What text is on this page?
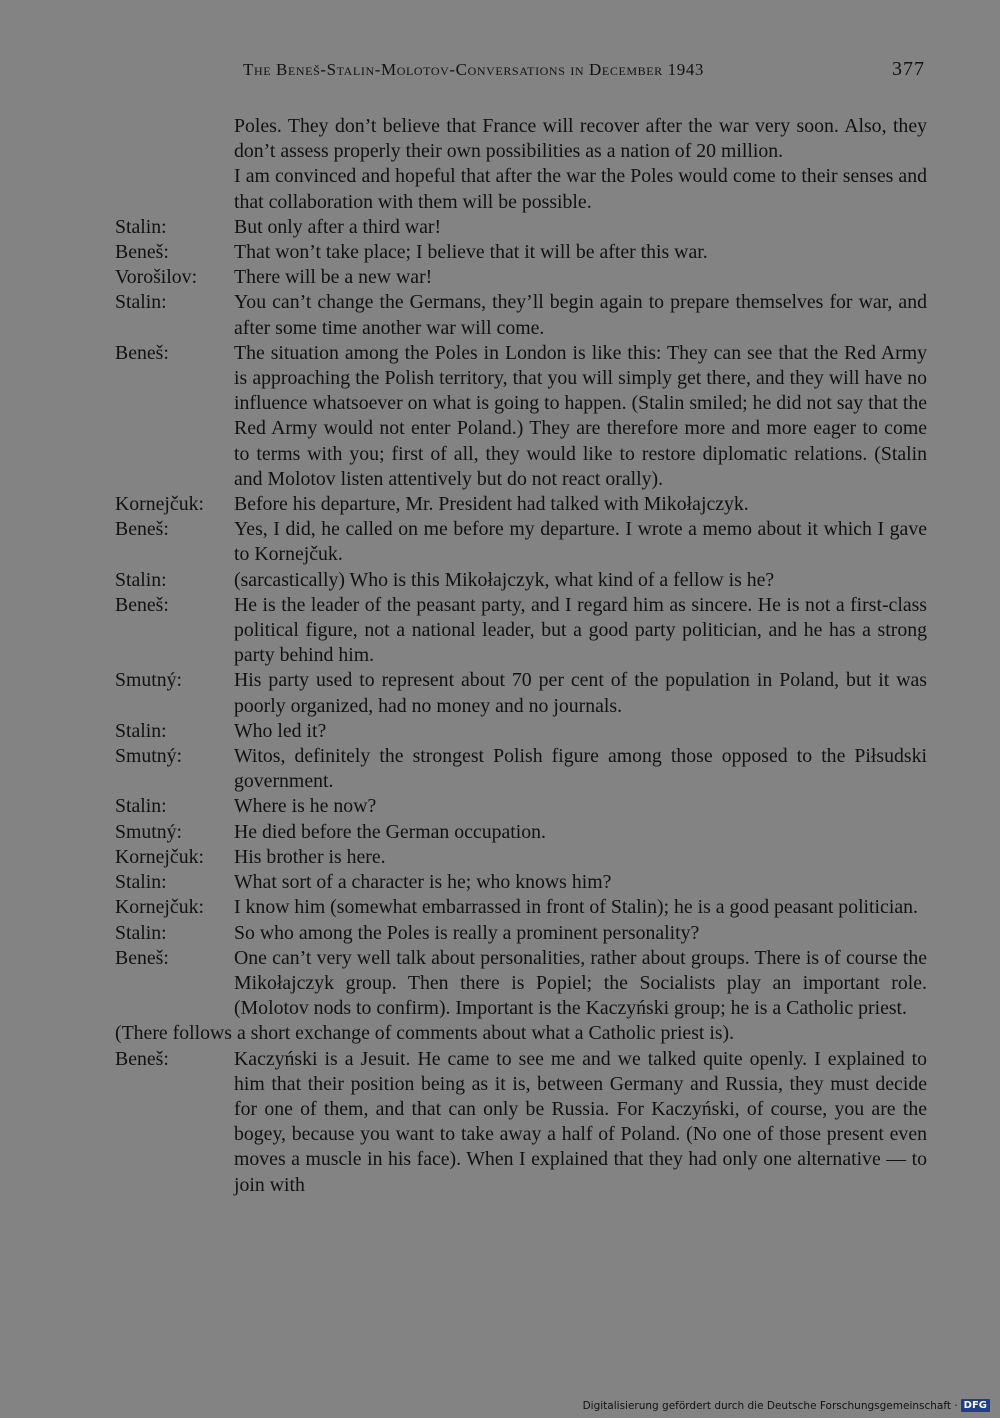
The Beneš-Stalin-Molotov-Conversations in December 1943	377
Poles. They don’t believe that France will recover after the war very soon. Also, they don’t assess properly their own possibilities as a nation of 20 million.
I am convinced and hopeful that after the war the Poles would come to their senses and that collaboration with them will be possible.
Stalin:	But only after a third war!
Beneš:	That won’t take place; I believe that it will be after this war.
Vorošilov: There will be a new war!
Stalin:	You can’t change the Germans, they’ll begin again to prepare themselves for war, and after some time another war will come.
Beneš:	The situation among the Poles in London is like this: They can see that the Red Army is approaching the Polish territory, that you will simply get there, and they will have no influence whatsoever on what is going to happen. (Stalin smiled; he did not say that the Red Army would not enter Poland.) They are therefore more and more eager to come to terms with you; first of all, they would like to restore diplomatic relations. (Stalin and Molotov listen attentively but do not react orally).
Kornejčuk: Before his departure, Mr. President had talked with Mikołajczyk.
Beneš:	Yes, I did, he called on me before my departure. I wrote a memo about it which I gave to Kornejčuk.
Stalin:	(sarcastically) Who is this Mikołajczyk, what kind of a fellow is he?
Beneš:	He is the leader of the peasant party, and I regard him as sincere. He is not a first-class political figure, not a national leader, but a good party politician, and he has a strong party behind him.
Smutný:	His party used to represent about 70 per cent of the population in Poland, but it was poorly organized, had no money and no journals.
Stalin:	Who led it?
Smutný:	Witos, definitely the strongest Polish figure among those opposed to the Piłsudski government.
Stalin:	Where is he now?
Smutný:	He died before the German occupation.
Kornejčuk: His brother is here.
Stalin:	What sort of a character is he; who knows him?
Kornejčuk: I know him (somewhat embarrassed in front of Stalin); he is a good peasant politician.
Stalin:	So who among the Poles is really a prominent personality?
Beneš:	One can’t very well talk about personalities, rather about groups. There is of course the Mikołajczyk group. Then there is Popiel; the Socialists play an important role. (Molotov nods to confirm). Important is the Kaczyński group; he is a Catholic priest.
(There follows a short exchange of comments about what a Catholic priest is).
Beneš:	Kaczyński is a Jesuit. He came to see me and we talked quite openly. I explained to him that their position being as it is, between Germany and Russia, they must decide for one of them, and that can only be Russia. For Kaczyński, of course, you are the bogey, because you want to take away a half of Poland. (No one of those present even moves a muscle in his face). When I explained that they had only one alternative — to join with
Digitalisierung gefördert durch die Deutsche Forschungsgemeinschaft · DFG
